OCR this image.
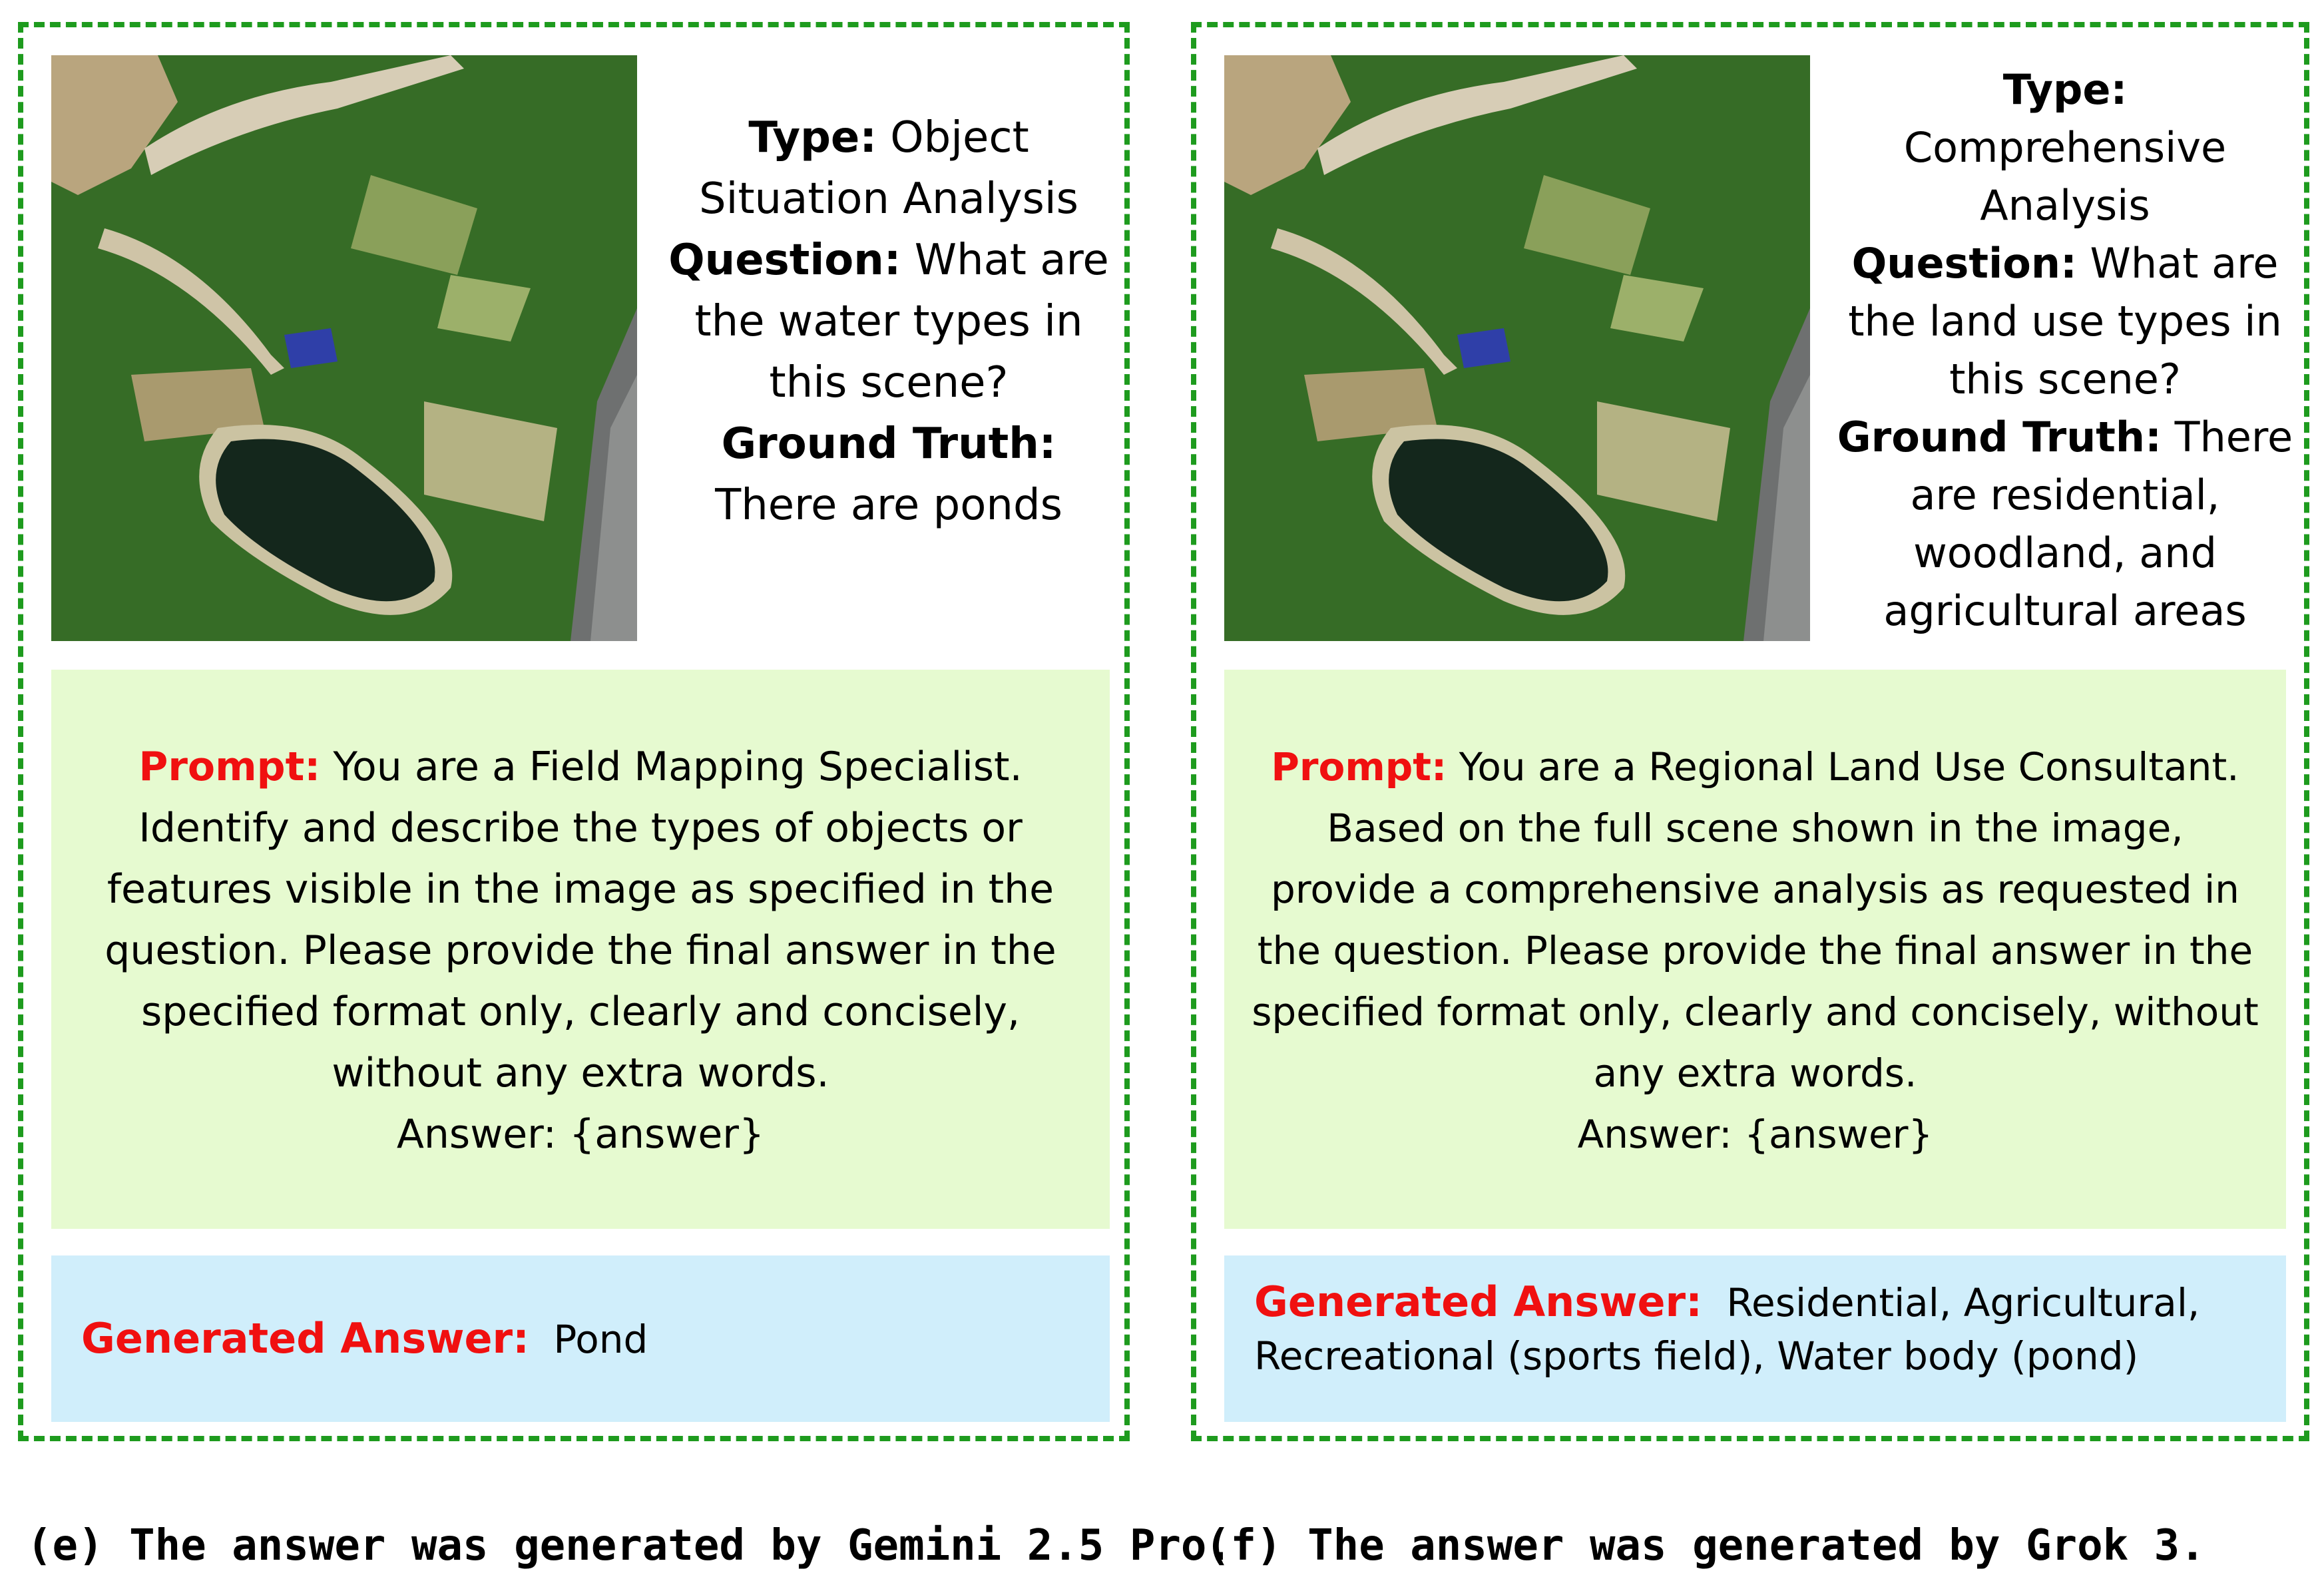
Type: Object Situation Analysis
Question: What are the water types in this scene?
Ground Truth: There are ponds
Prompt: You are a Field Mapping Specialist. Identify and describe the types of objects or features visible in the image as specified in the question. Please provide the final answer in the specified format only, clearly and concisely, without any extra words.
Answer: {answer}
Generated Answer: Pond
Type: Comprehensive Analysis
Question: What are the land use types in this scene?
Ground Truth: There are residential, woodland, and agricultural areas
Prompt: You are a Regional Land Use Consultant. Based on the full scene shown in the image, provide a comprehensive analysis as requested in the question. Please provide the final answer in the specified format only, clearly and concisely, without any extra words.
Answer: {answer}
Generated Answer: Residential, Agricultural, Recreational (sports field), Water body (pond)
(e) The answer was generated by Gemini 2.5 Pro.
(f) The answer was generated by Grok 3.
